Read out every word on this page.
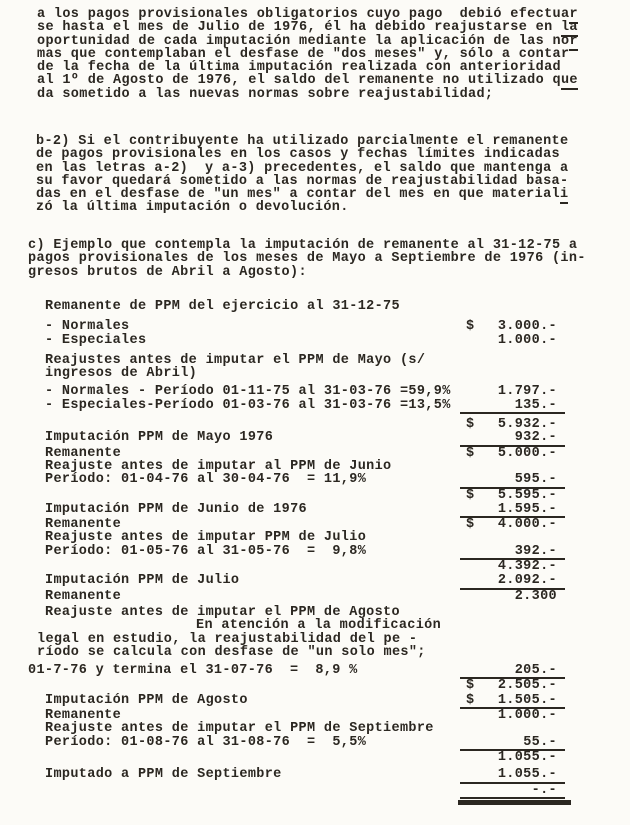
a los pagos provisionales obligatorios cuyo pago  debió efectuar
se hasta el mes de Julio de 1976, él ha debido reajustarse en la
oportunidad de cada imputación mediante la aplicación de las nor
mas que contemplaban el desfase de "dos meses" y, sólo a contar
de la fecha de la última imputación realizada con anterioridad
al 1º de Agosto de 1976, el saldo del remanente no utilizado que
da sometido a las nuevas normas sobre reajustabilidad;
b-2) Si el contribuyente ha utilizado parcialmente el remanente
de pagos provisionales en los casos y fechas límites indicadas
en las letras a-2)  y a-3) precedentes, el saldo que mantenga a
su favor quedará sometido a las normas de reajustabilidad basa-
das en el desfase de "un mes" a contar del mes en que materiali
zó la última imputación o devolución.
c) Ejemplo que contempla la imputación de remanente al 31-12-75 a
pagos provisionales de los meses de Mayo a Septiembre de 1976 (in-
gresos brutos de Abril a Agosto):
Remanente de PPM del ejercicio al 31-12-75
- Normales	$ 3.000.-
- Especiales	1.000.-
Reajustes antes de imputar el PPM de Mayo (s/
ingresos de Abril)
- Normales - Período 01-11-75 al 31-03-76 =59,9%	1.797.-
- Especiales-Período 01-03-76 al 31-03-76 =13,5%	135.-
$ 5.932.-
Imputación PPM de Mayo 1976	932.-
Remanente	$ 5.000.-
Reajuste antes de imputar al PPM de Junio
Período: 01-04-76 al 30-04-76  = 11,9%	595.-
$ 5.595.-
Imputación PPM de Junio de 1976	1.595.-
Remanente	$ 4.000.-
Reajuste antes de imputar PPM de Julio
Período: 01-05-76 al 31-05-76  =  9,8%	392.-
4.392.-
Imputación PPM de Julio	2.092.-
Remanente	2.300
Reajuste antes de imputar el PPM de Agosto
En atención a la modificación
legal en estudio, la reajustabilidad del pe -
ríodo se calcula con desfase de "un solo mes";
01-7-76 y termina el 31-07-76  =  8,9 %	205.-
$ 2.505.-
Imputación PPM de Agosto	$ 1.505.-
Remanente	1.000.-
Reajuste antes de imputar el PPM de Septiembre
Período: 01-08-76 al 31-08-76  =  5,5%	55.-
1.055.-
Imputado a PPM de Septiembre	1.055.-
-.-
